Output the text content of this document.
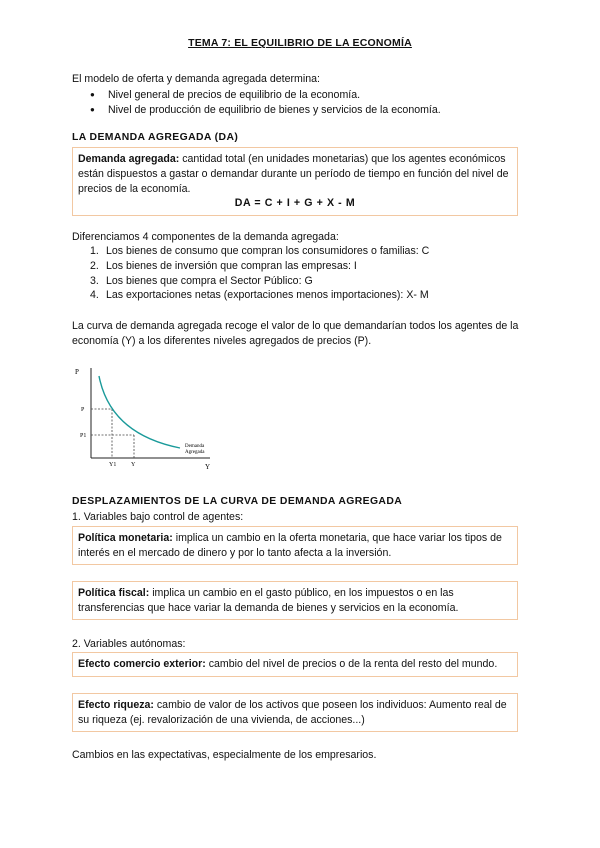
TEMA 7: EL EQUILIBRIO DE LA ECONOMÍA

El modelo de oferta y demanda agregada determina:

● Nivel general de precios de equilibrio de la economía.
● Nivel de producción de equilibrio de bienes y servicios de la economía.

LA DEMANDA AGREGADA (DA)

Demanda agregada: cantidad total (en unidades monetarias) que los agentes económicos están dispuestos a gastar o demandar durante un período de tiempo en función del nivel de precios de la economía.
DA = C + I + G + X - M

Diferenciamos 4 componentes de la demanda agregada:

1. Los bienes de consumo que compran los consumidores o familias: C
2. Los bienes de inversión que compran las empresas: I
3. Los bienes que compra el Sector Público: G
4. Las exportaciones netas (exportaciones menos importaciones): X- M

La curva de demanda agregada recoge el valor de lo que demandarían todos los agentes de la economía (Y) a los diferentes niveles agregados de precios (P).

P
Y
P
P1
Y1 Y
Demanda
Agregada

DESPLAZAMIENTOS DE LA CURVA DE DEMANDA AGREGADA

1. Variables bajo control de agentes:

Política monetaria: implica un cambio en la oferta monetaria, que hace variar los tipos de interés en el mercado de dinero y por lo tanto afecta a la inversión.
Política fiscal: implica un cambio en el gasto público, en los impuestos o en las transferencias que hace variar la demanda de bienes y servicios en la economía.

2. Variables autónomas:

Efecto comercio exterior: cambio del nivel de precios o de la renta del resto del mundo.
Efecto riqueza: cambio de valor de los activos que poseen los individuos: Aumento real de su riqueza (ej. revalorización de una vivienda, de acciones...)

Cambios en las expectativas, especialmente de los empresarios.
